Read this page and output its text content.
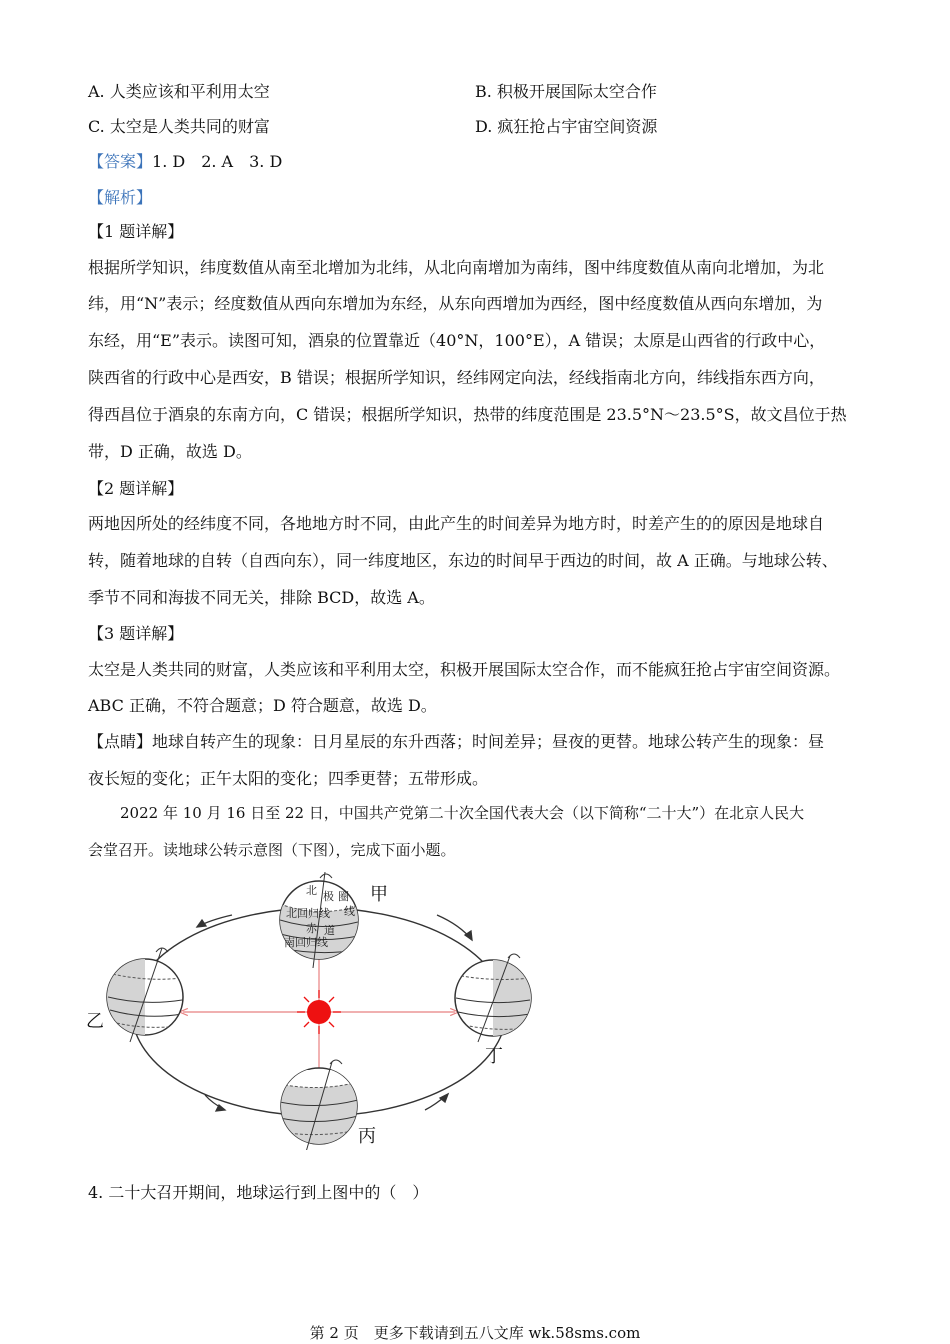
A. 人类应该和平利用太空	B. 积极开展国际太空合作
C. 太空是人类共同的财富	D. 疯狂抢占宇宙空间资源
【答案】1. D　2. A　3. D
【解析】
【1 题详解】
根据所学知识，纬度数值从南至北增加为北纬，从北向南增加为南纬，图中纬度数值从南向北增加，为北
纬，用“N”表示；经度数值从西向东增加为东经，从东向西增加为西经，图中经度数值从西向东增加，为
东经，用“E”表示。读图可知，酒泉的位置靠近（40°N，100°E），A 错误；太原是山西省的行政中心，
陕西省的行政中心是西安，B 错误；根据所学知识，经纬网定向法，经线指南北方向，纬线指东西方向，
得西昌位于酒泉的东南方向，C 错误；根据所学知识，热带的纬度范围是 23.5°N～23.5°S，故文昌位于热
带，D 正确，故选 D。
【2 题详解】
两地因所处的经纬度不同，各地地方时不同，由此产生的时间差异为地方时，时差产生的的原因是地球自
转，随着地球的自转（自西向东），同一纬度地区，东边的时间早于西边的时间，故 A 正确。与地球公转、
季节不同和海拔不同无关，排除 BCD，故选 A。
【3 题详解】
太空是人类共同的财富，人类应该和平利用太空，积极开展国际太空合作，而不能疯狂抢占宇宙空间资源。
ABC 正确，不符合题意；D 符合题意，故选 D。
【点睛】地球自转产生的现象：日月星辰的东升西落；时间差异；昼夜的更替。地球公转产生的现象：昼
夜长短的变化；正午太阳的变化；四季更替；五带形成。
2022 年 10 月 16 日至 22 日，中国共产党第二十次全国代表大会（以下简称“二十大”）在北京人民大
会堂召开。读地球公转示意图（下图），完成下面小题。
北 极 圈
线
北回归线
赤 道
南回归线
甲
乙
丁
丙
4. 二十大召开期间，地球运行到上图中的（　）
第 2 页　更多下载请到五八文库 wk.58sms.com
